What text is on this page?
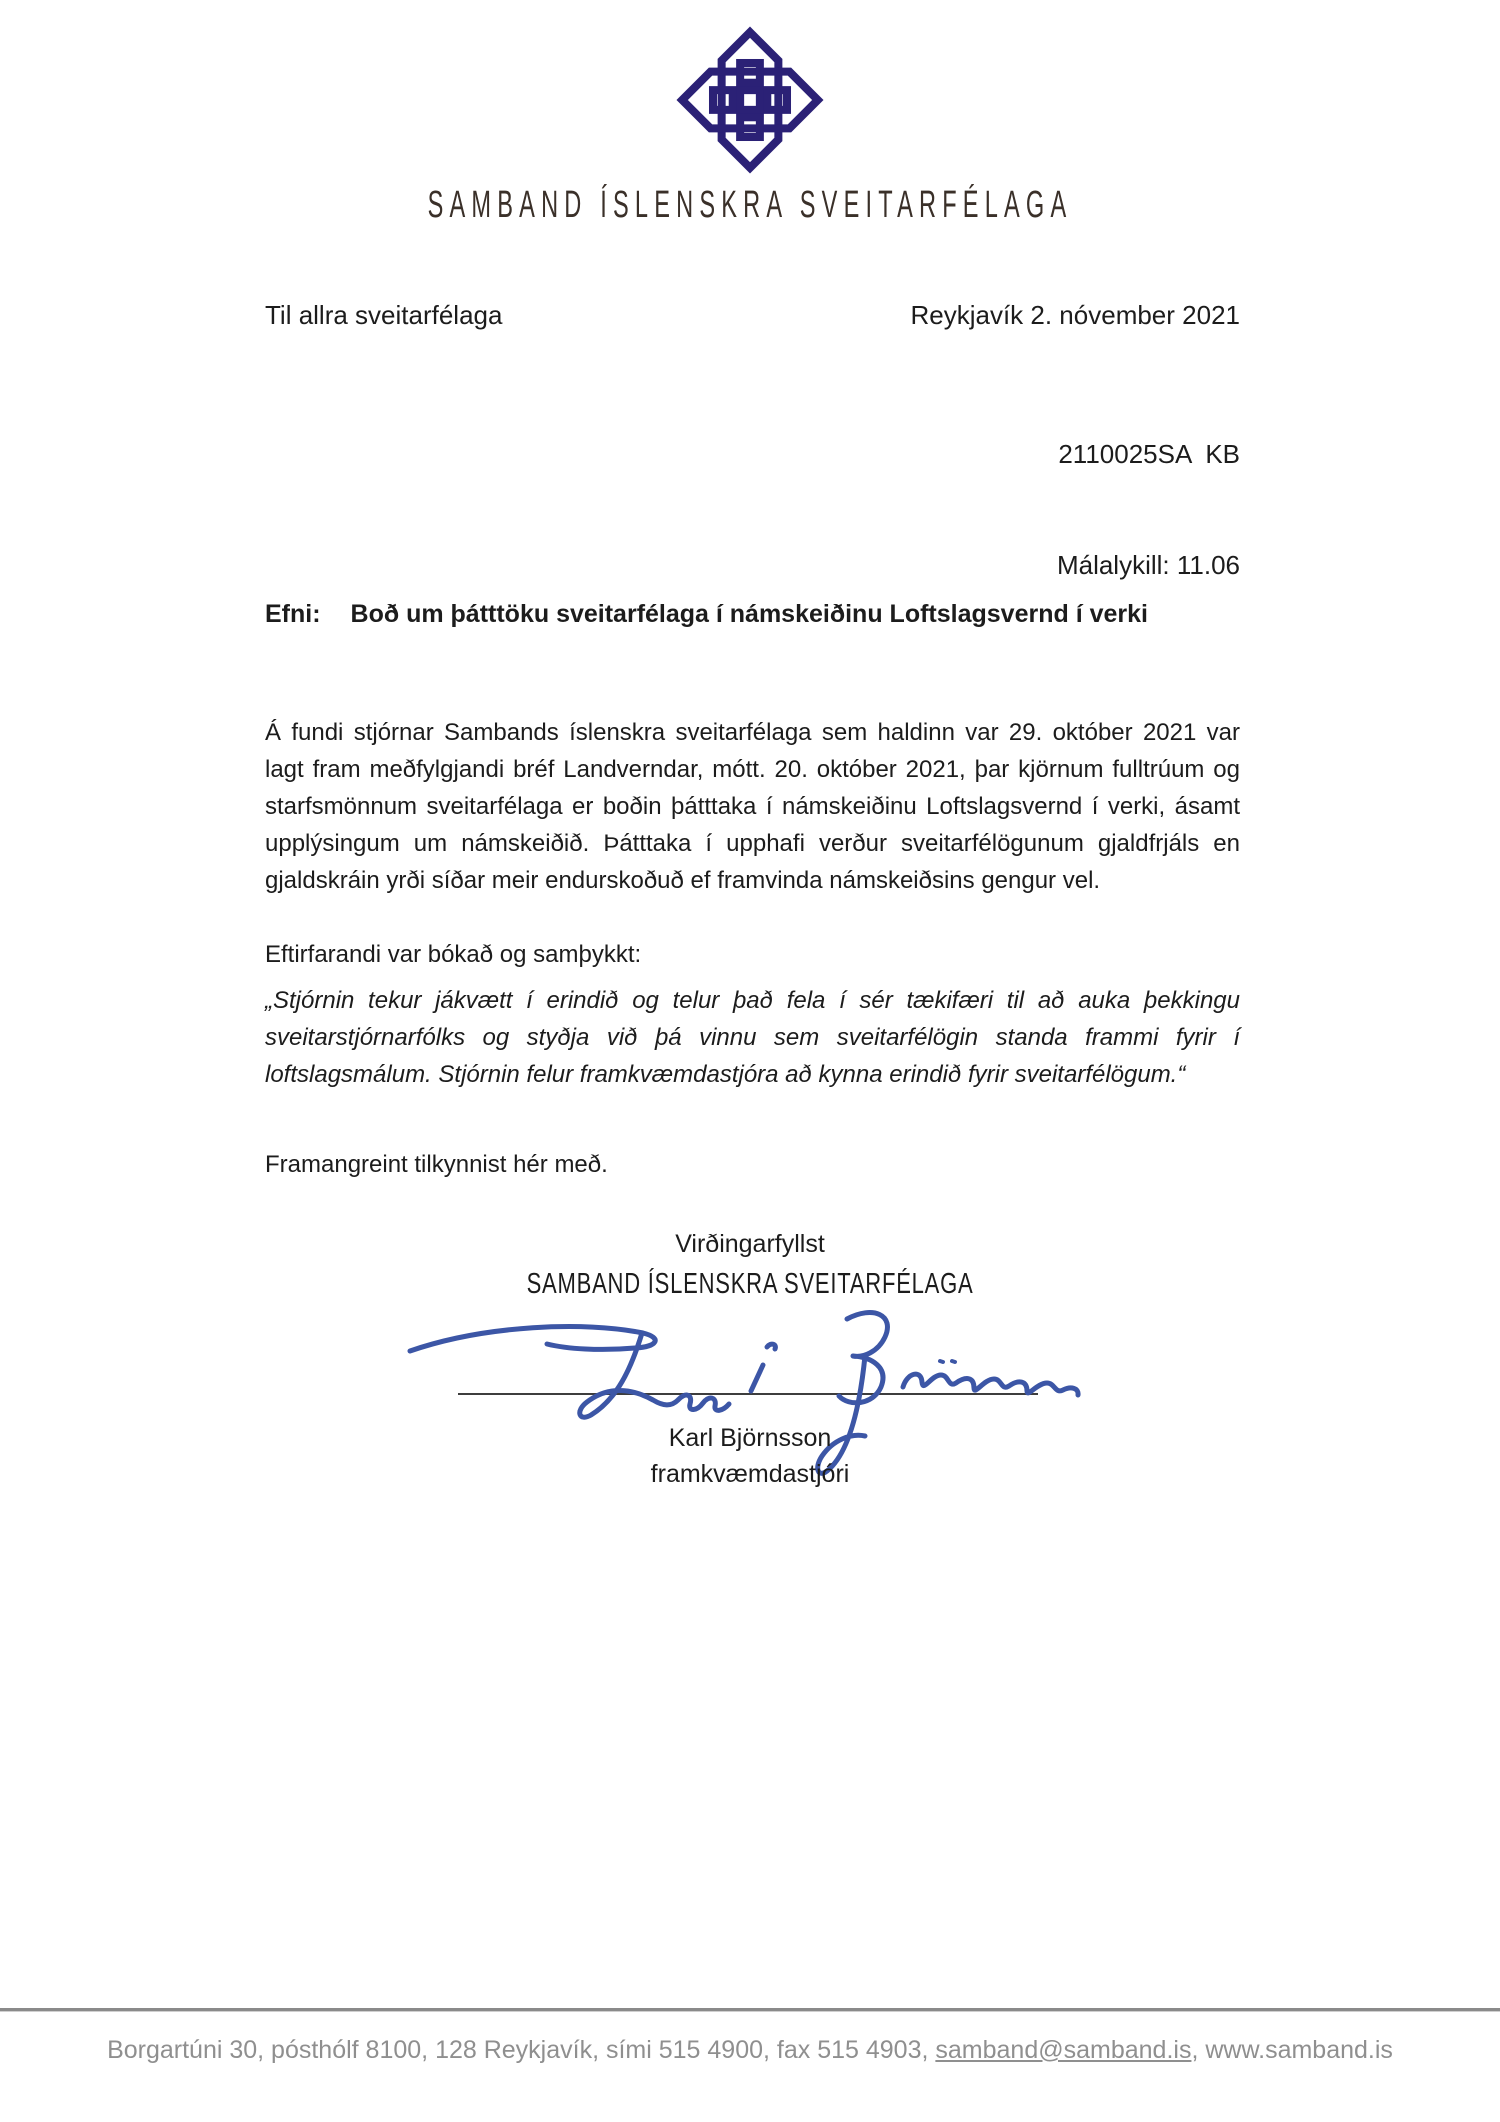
SAMBAND ÍSLENSKRA SVEITARFÉLAGA
Til allra sveitarfélaga	Reykjavík 2. nóvember 2021

2110025SA  KB

Málalykill: 11.06

Efni: Boð um þátttöku sveitarfélaga í námskeiðinu Loftslagsvernd í verki

Á fundi stjórnar Sambands íslenskra sveitarfélaga sem haldinn var 29. október 2021 var lagt fram meðfylgjandi bréf Landverndar, mótt. 20. október 2021, þar kjörnum fulltrúum og starfsmönnum sveitarfélaga er boðin þátttaka í námskeiðinu Loftslagsvernd í verki, ásamt upplýsingum um námskeiðið. Þátttaka í upphafi verður sveitarfélögunum gjaldfrjáls en gjaldskráin yrði síðar meir endurskoðuð ef framvinda námskeiðsins gengur vel.

Eftirfarandi var bókað og samþykkt:

„Stjórnin tekur jákvætt í erindið og telur það fela í sér tækifæri til að auka þekkingu sveitarstjórnarfólks og styðja við þá vinnu sem sveitarfélögin standa frammi fyrir í loftslagsmálum. Stjórnin felur framkvæmdastjóra að kynna erindið fyrir sveitarfélögum.“

Framangreint tilkynnist hér með.

Virðingarfyllst
SAMBAND ÍSLENSKRA SVEITARFÉLAGA
Karl Björnsson
framkvæmdastjóri
Borgartúni 30, pósthólf 8100, 128 Reykjavík, sími 515 4900, fax 515 4903, samband@samband.is, www.samband.is
